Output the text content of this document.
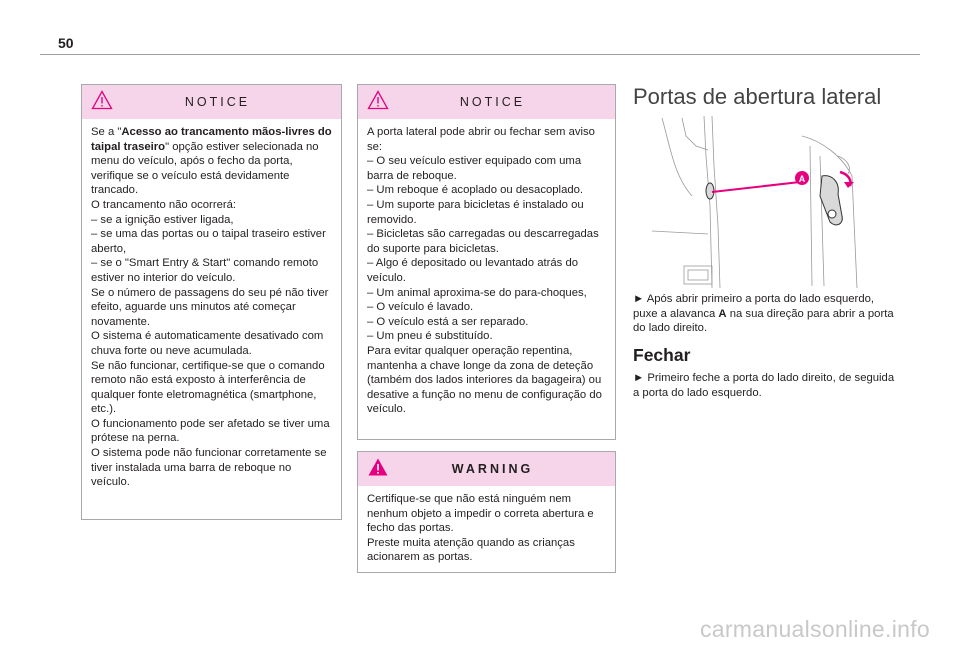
50
NOTICE
Se a "Acesso ao trancamento mãos-livres do taipal traseiro" opção estiver selecionada no menu do veículo, após o fecho da porta, verifique se o veículo está devidamente trancado.
O trancamento não ocorrerá:
– se a ignição estiver ligada,
– se uma das portas ou o taipal traseiro estiver aberto,
– se o "Smart Entry & Start" comando remoto estiver no interior do veículo.
Se o número de passagens do seu pé não tiver efeito, aguarde uns minutos até começar novamente.
O sistema é automaticamente desativado com chuva forte ou neve acumulada.
Se não funcionar, certifique-se que o comando remoto não está exposto à interferência de qualquer fonte eletromagnética (smartphone, etc.).
O funcionamento pode ser afetado se tiver uma prótese na perna.
O sistema pode não funcionar corretamente se tiver instalada uma barra de reboque no veículo.
NOTICE
A porta lateral pode abrir ou fechar sem aviso se:
– O seu veículo estiver equipado com uma barra de reboque.
– Um reboque é acoplado ou desacoplado.
– Um suporte para bicicletas é instalado ou removido.
– Bicicletas são carregadas ou descarregadas do suporte para bicicletas.
– Algo é depositado ou levantado atrás do veículo.
– Um animal aproxima-se do para-choques,
– O veículo é lavado.
– O veículo está a ser reparado.
– Um pneu é substituído.
Para evitar qualquer operação repentina, mantenha a chave longe da zona de deteção (também dos lados interiores da bagageira) ou desative a função no menu de configuração do veículo.
WARNING
Certifique-se que não está ninguém nem nenhum objeto a impedir o correta abertura e fecho das portas.
Preste muita atenção quando as crianças acionarem as portas.
Portas de abertura lateral
A
► Após abrir primeiro a porta do lado esquerdo, puxe a alavanca A na sua direção para abrir a porta do lado direito.
Fechar
► Primeiro feche a porta do lado direito, de seguida a porta do lado esquerdo.
carmanualsonline.info
